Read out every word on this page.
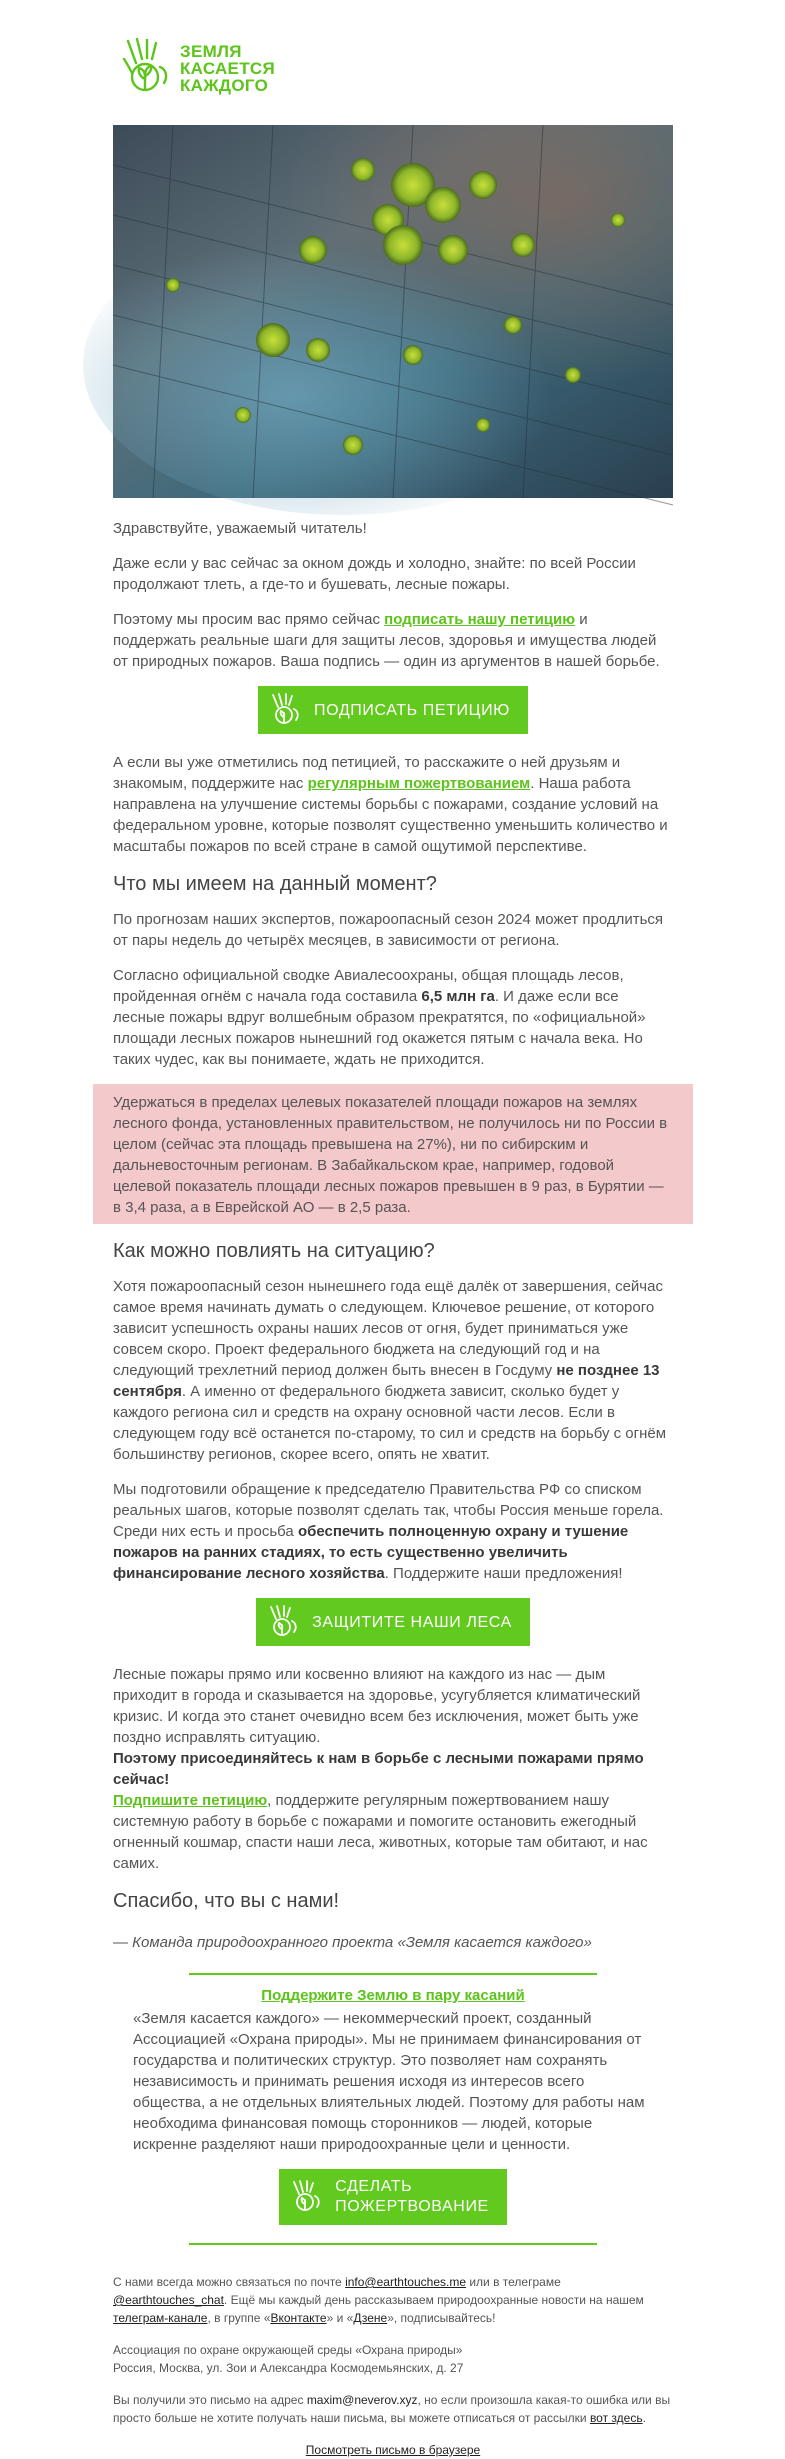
ЗЕМЛЯ
КАСАЕТСЯ
КАЖДОГО

Здравствуйте, уважаемый читатель!

Даже если у вас сейчас за окном дождь и холодно, знайте: по всей России продолжают тлеть, а где-то и бушевать, лесные пожары.

Поэтому мы просим вас прямо сейчас подписать нашу петицию и поддержать реальные шаги для защиты лесов, здоровья и имущества людей от природных пожаров. Ваша подпись — один из аргументов в нашей борьбе.

ПОДПИСАТЬ ПЕТИЦИЮ

А если вы уже отметились под петицией, то расскажите о ней друзьям и знакомым, поддержите нас регулярным пожертвованием. Наша работа направлена на улучшение системы борьбы с пожарами, создание условий на федеральном уровне, которые позволят существенно уменьшить количество и масштабы пожаров по всей стране в самой ощутимой перспективе.

Что мы имеем на данный момент?

По прогнозам наших экспертов, пожароопасный сезон 2024 может продлиться от пары недель до четырёх месяцев, в зависимости от региона.

Согласно официальной сводке Авиалесоохраны, общая площадь лесов, пройденная огнём с начала года составила 6,5 млн га. И даже если все лесные пожары вдруг волшебным образом прекратятся, по «официальной» площади лесных пожаров нынешний год окажется пятым с начала века. Но таких чудес, как вы понимаете, ждать не приходится.

Удержаться в пределах целевых показателей площади пожаров на землях лесного фонда, установленных правительством, не получилось ни по России в целом (сейчас эта площадь превышена на 27%), ни по сибирским и дальневосточным регионам. В Забайкальском крае, например, годовой целевой показатель площади лесных пожаров превышен в 9 раз, в Бурятии — в 3,4 раза, а в Еврейской АО — в 2,5 раза.

Как можно повлиять на ситуацию?

Хотя пожароопасный сезон нынешнего года ещё далёк от завершения, сейчас самое время начинать думать о следующем. Ключевое решение, от которого зависит успешность охраны наших лесов от огня, будет приниматься уже совсем скоро. Проект федерального бюджета на следующий год и на следующий трехлетний период должен быть внесен в Госдуму не позднее 13 сентября. А именно от федерального бюджета зависит, сколько будет у каждого региона сил и средств на охрану основной части лесов. Если в следующем году всё останется по-старому, то сил и средств на борьбу с огнём большинству регионов, скорее всего, опять не хватит.

Мы подготовили обращение к председателю Правительства РФ со списком реальных шагов, которые позволят сделать так, чтобы Россия меньше горела. Среди них есть и просьба обеспечить полноценную охрану и тушение пожаров на ранних стадиях, то есть существенно увеличить финансирование лесного хозяйства. Поддержите наши предложения!

ЗАЩИТИТЕ НАШИ ЛЕСА

Лесные пожары прямо или косвенно влияют на каждого из нас — дым приходит в города и сказывается на здоровье, усугубляется климатический кризис. И когда это станет очевидно всем без исключения, может быть уже поздно исправлять ситуацию.

Поэтому присоединяйтесь к нам в борьбе с лесными пожарами прямо сейчас!
Подпишите петицию, поддержите регулярным пожертвованием нашу системную работу в борьбе с пожарами и помогите остановить ежегодный огненный кошмар, спасти наши леса, животных, которые там обитают, и нас самих.

Спасибо, что вы с нами!

— Команда природоохранного проекта «Земля касается каждого»

Поддержите Землю в пару касаний

«Земля касается каждого» — некоммерческий проект, созданный Ассоциацией «Охрана природы». Мы не принимаем финансирования от государства и политических структур. Это позволяет нам сохранять независимость и принимать решения исходя из интересов всего общества, а не отдельных влиятельных людей. Поэтому для работы нам необходима финансовая помощь сторонников — людей, которые искренне разделяют наши природоохранные цели и ценности.

СДЕЛАТЬ
ПОЖЕРТВОВАНИЕ

С нами всегда можно связаться по почте info@earthtouches.me или в телеграме @earthtouches_chat. Ещё мы каждый день рассказываем природоохранные новости на нашем телеграм-канале, в группе «Вконтакте» и «Дзене», подписывайтесь!

Ассоциация по охране окружающей среды «Охрана природы»
Россия, Москва, ул. Зои и Александра Космодемьянских, д. 27

Вы получили это письмо на адрес maxim@neverov.xyz, но если произошла какая-то ошибка или вы просто больше не хотите получать наши письма, вы можете отписаться от рассылки вот здесь.

Посмотреть письмо в браузере
